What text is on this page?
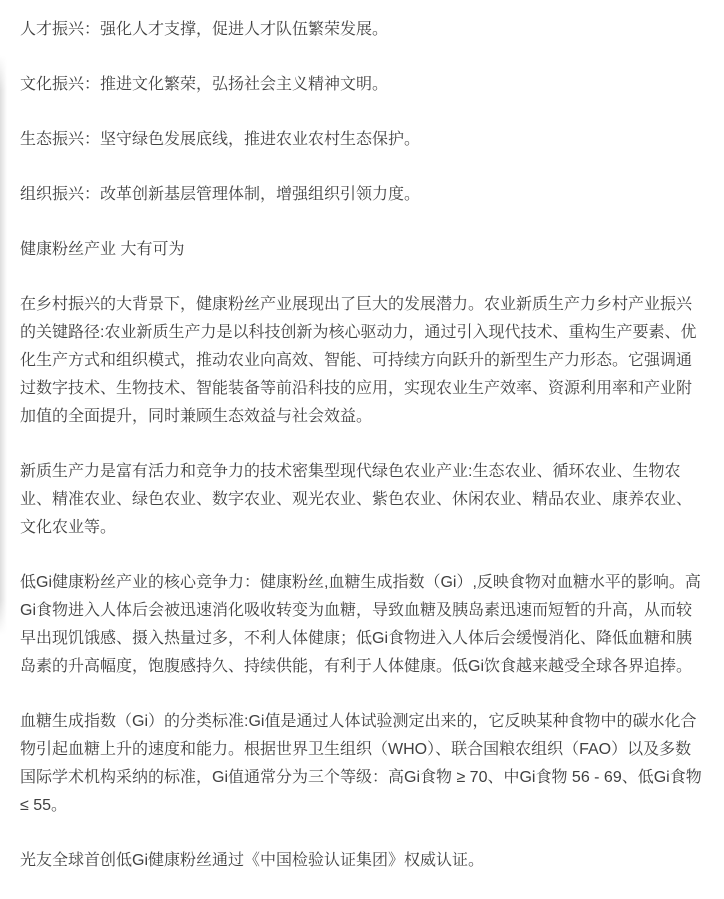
人才振兴：强化人才支撑，促进人才队伍繁荣发展。

文化振兴：推进文化繁荣，弘扬社会主义精神文明。

生态振兴：坚守绿色发展底线，推进农业农村生态保护。

组织振兴：改革创新基层管理体制，增强组织引领力度。

健康粉丝产业 大有可为

在乡村振兴的大背景下，健康粉丝产业展现出了巨大的发展潜力。农业新质生产力乡村产业振兴的关键路径:农业新质生产力是以科技创新为核心驱动力，通过引入现代技术、重构生产要素、优化生产方式和组织模式，推动农业向高效、智能、可持续方向跃升的新型生产力形态。它强调通过数字技术、生物技术、智能装备等前沿科技的应用，实现农业生产效率、资源利用率和产业附加值的全面提升，同时兼顾生态效益与社会效益。

新质生产力是富有活力和竞争力的技术密集型现代绿色农业产业:生态农业、循环农业、生物农业、精准农业、绿色农业、数字农业、观光农业、紫色农业、休闲农业、精品农业、康养农业、文化农业等。

低Gi健康粉丝产业的核心竞争力：健康粉丝,血糖生成指数（Gi）,反映食物对血糖水平的影响。高Gi食物进入人体后会被迅速消化吸收转变为血糖，导致血糖及胰岛素迅速而短暂的升高，从而较早出现饥饿感、摄入热量过多，不利人体健康；低Gi食物进入人体后会缓慢消化、降低血糖和胰岛素的升高幅度，饱腹感持久、持续供能，有利于人体健康。低Gi饮食越来越受全球各界追捧。

血糖生成指数（Gi）的分类标准:Gi值是通过人体试验测定出来的，它反映某种食物中的碳水化合物引起血糖上升的速度和能力。根据世界卫生组织（WHO）、联合国粮农组织（FAO）以及多数国际学术机构采纳的标准，Gi值通常分为三个等级：高Gi食物 ≥ 70、中Gi食物 56 - 69、低Gi食物 ≤ 55。

光友全球首创低Gi健康粉丝通过《中国检验认证集团》权威认证。
